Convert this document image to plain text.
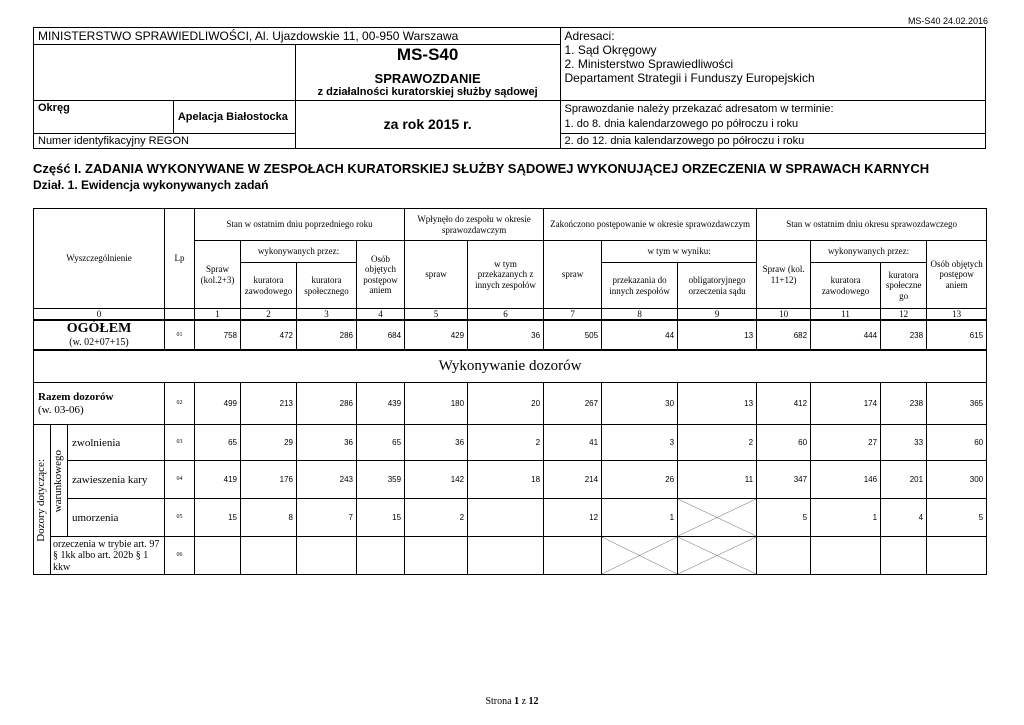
MS-S40 24.02.2016
MINISTERSTWO SPRAWIEDLIWOŚCI, Al. Ujazdowskie 11, 00-950 Warszawa			Adresaci:
1. Sąd Okręgowy
2. Ministerstwo Sprawiedliwości
Departament Strategii i Funduszy Europejskich

		MS-S40
SPRAWOZDANIE
z działalności kuratorskiej służby sądowej	

Okręg	Apelacja Białostocka	za rok 2015 r.	Sprawozdanie należy przekazać adresatom w terminie:
1. do 8. dnia kalendarzowego po półroczu i roku

Numer identyfikacyjny REGON			2. do 12. dnia kalendarzowego po półroczu i roku
Część I. ZADANIA WYKONYWANE W ZESPOŁACH KURATORSKIEJ SŁUŻBY SĄDOWEJ WYKONUJĄCEJ ORZECZENIA W SPRAWACH KARNYCH
Dział. 1. Ewidencja wykonywanych zadań
Wyszczególnienie			Lp	Stan w ostatnim dniu poprzedniego roku				Wpłynęło do zespołu w okresie sprawozdawczym		Zakończono postępowanie w okresie sprawozdawczym			Stan w ostatnim dniu okresu sprawozdawczego			
				Spraw (kol.2+3)	wykonywanych przez:		Osób objętych postępow aniem	spraw	w tym przekazanych z innych zespołów	spraw	w tym w wyniku:		Spraw (kol. 11+12)	wykonywanych przez:		Osób objętych postępow aniem
					kuratora zawodowego	kuratora społecznego					przekazania do innych zespołów	obligatoryjnego orzeczenia sądu		kuratora zawodowego	kuratora społeczne go	
0				1	2	3	4	5	6	7	8	9	10	11	12	13

OGÓŁEM
(w. 02+07+15)			01	758	472	286	684	429	36	505	44	13	682	444	238	615
Wykonywanie dozorów																

Razem dozorów
(w. 03-06)			02	499	213	286	439	180	20	267	30	13	412	174	238	365

Dozory dotyczące:	warunkowego	zwolnienia	03	65	29	36	65	36	2	41	3	2	60	27	33	60
		zawieszenia kary	04	419	176	243	359	142	18	214	26	11	347	146	201	300
		umorzenia	05	15	8	7	15	2		12	1		5	1	4	5
	orzeczenia w trybie art. 97 § 1kk albo art. 202b § 1 kkw		06								

Strona 1 z 12
